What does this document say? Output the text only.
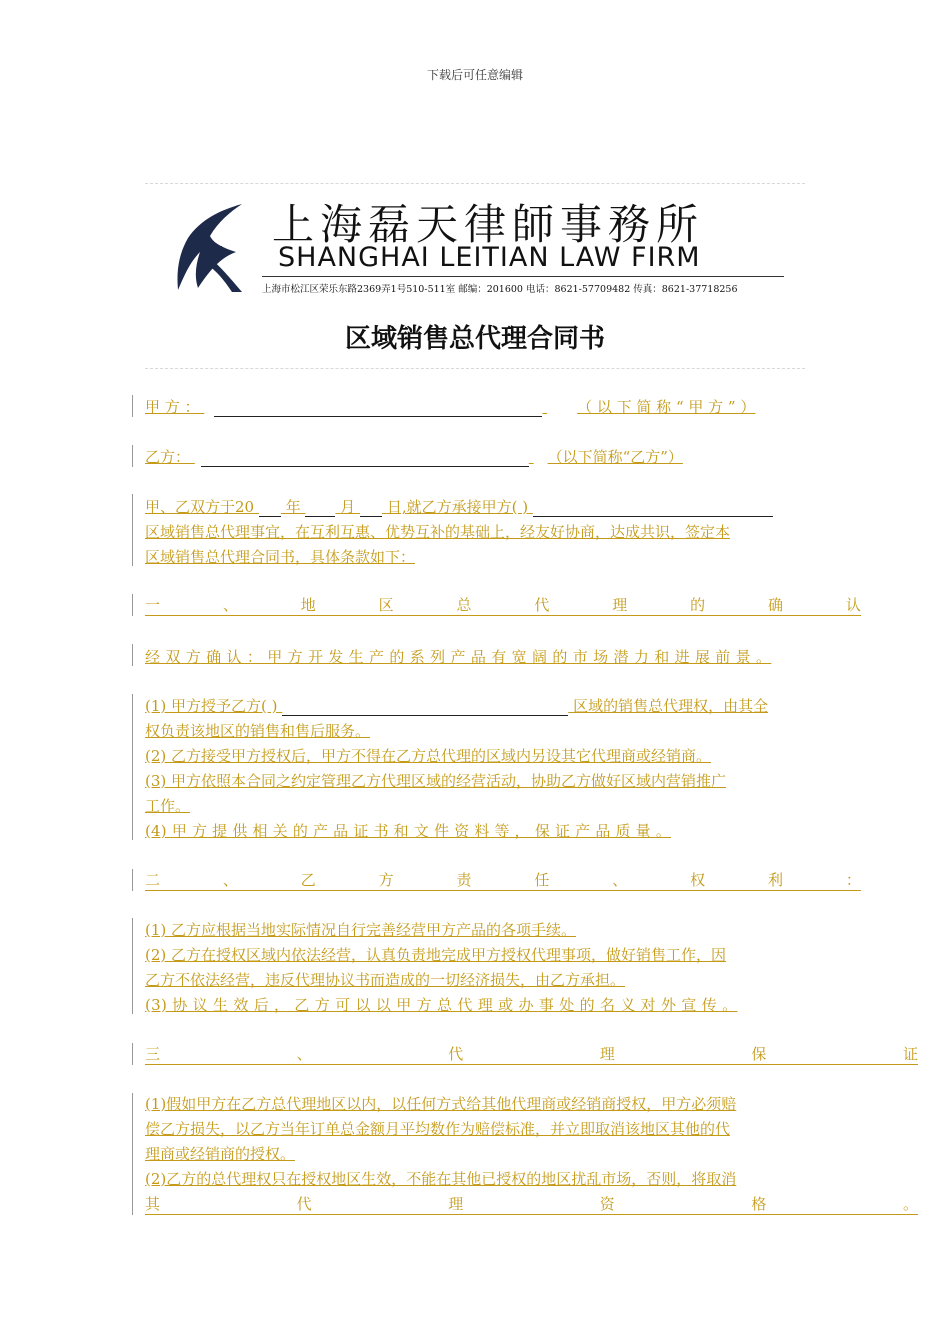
下载后可任意编辑
上海磊天律師事務所
SHANGHAI LEITIAN LAW FIRM
上海市松江区荣乐东路2369弄1号510-511室 邮编：201600 电话：8621-57709482 传真：8621-37718256
区域销售总代理合同书
甲 方 ：	（ 以 下 简 称 “ 甲 方 ” ）
乙方：	（以下简称“乙方”）
甲、乙双方于20 年	月 日,就乙方承接甲方( )
区域销售总代理事宜，在互利互惠、优势互补的基础上，经友好协商，达成共识，签定本
区域销售总代理合同书，具体条款如下：
一	、	地	区	总	代	理	的	确	认
经 双 方 确 认 ： 甲 方 开 发 生 产 的 系 列 产 品 有 宽 阔 的 市 场 潜 力 和 进 展 前 景 。
(1) 甲方授予乙方( )	区域的销售总代理权，由其全
权负责该地区的销售和售后服务。
(2) 乙方接受甲方授权后，甲方不得在乙方总代理的区域内另设其它代理商或经销商。
(3) 甲方依照本合同之约定管理乙方代理区域的经营活动，协助乙方做好区域内营销推广
工作。
(4) 甲 方 提 供 相 关 的 产 品 证 书 和 文 件 资 料 等 ， 保 证 产 品 质 量 。
二	、	乙	方	责	任	、	权	利	：
(1) 乙方应根据当地实际情况自行完善经营甲方产品的各项手续。
(2) 乙方在授权区域内依法经营，认真负责地完成甲方授权代理事项，做好销售工作，因
乙方不依法经营，违反代理协议书而造成的一切经济损失，由乙方承担。
(3) 协 议 生 效 后 ， 乙 方 可 以 以 甲 方 总 代 理 或 办 事 处 的 名 义 对 外 宣 传 。
三	、	代	理	保	证
(1)假如甲方在乙方总代理地区以内，以任何方式给其他代理商或经销商授权，甲方必须赔
偿乙方损失，以乙方当年订单总金额月平均数作为赔偿标准，并立即取消该地区其他的代
理商或经销商的授权。
(2)乙方的总代理权只在授权地区生效，不能在其他已授权的地区扰乱市场，否则，将取消
其	代	理	资	格	。
